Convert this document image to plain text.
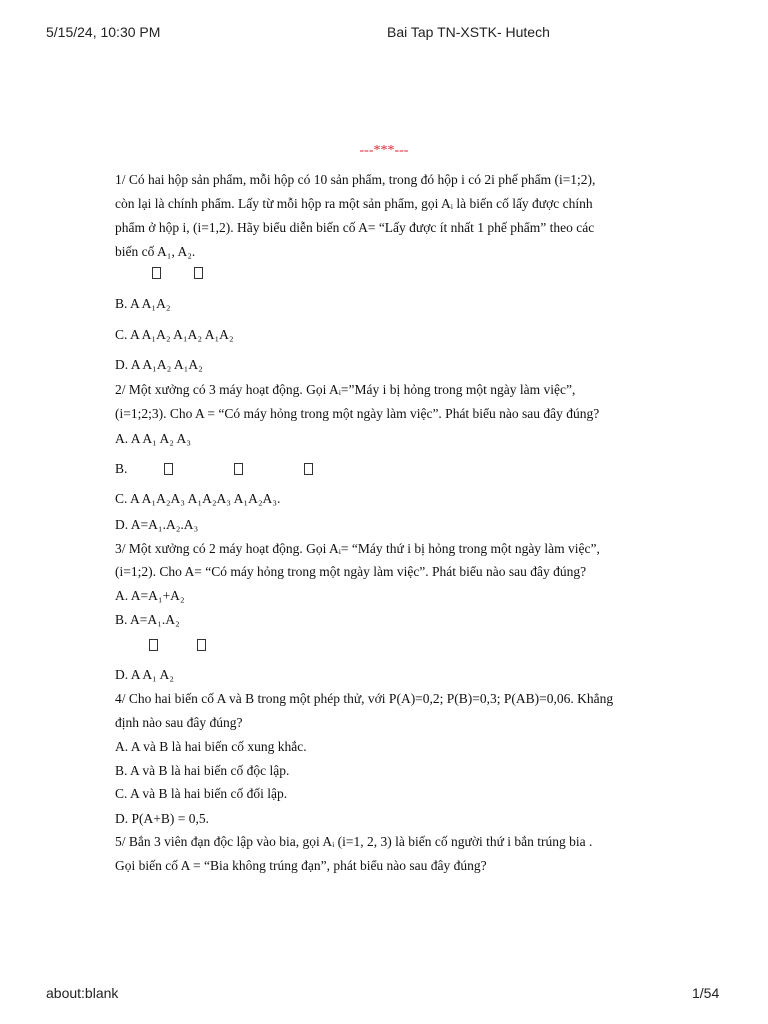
5/15/24, 10:30 PM	Bai Tap TN-XSTK- Hutech
---***---
1/ Có hai hộp sản phẩm, mỗi hộp có 10 sản phẩm, trong đó hộp i có 2i phế phẩm (i=1;2),
còn lại là chính phẩm. Lấy từ mỗi hộp ra một sản phẩm, gọi Aᵢ là biến cố lấy được chính
phẩm ở hộp i, (i=1,2). Hãy biểu diễn biến cố A= “Lấy được ít nhất 1 phế phẩm” theo các
biến cố A₁, A₂.

B. A A₁A₂
C. A A₁A₂ A₁A₂ A₁A₂
D. A A₁A₂ A₁A₂
2/ Một xưởng có 3 máy hoạt động. Gọi Aᵢ=”Máy i bị hỏng trong một ngày làm việc”,
(i=1;2;3). Cho A = “Có máy hỏng trong một ngày làm việc”. Phát biểu nào sau đây đúng?
A. A A₁ A₂ A₃
B.

C. A A₁A₂A₃ A₁A₂A₃ A₁A₂A₃.
D. A=A₁.A₂.A₃
3/ Một xưởng có 2 máy hoạt động. Gọi Aᵢ= “Máy thứ i bị hỏng trong một ngày làm việc”,
(i=1;2). Cho A= “Có máy hỏng trong một ngày làm việc”. Phát biểu nào sau đây đúng?
A. A=A₁+A₂
B. A=A₁.A₂

D. A A₁ A₂
4/ Cho hai biến cố A và B trong một phép thử, với P(A)=0,2; P(B)=0,3; P(AB)=0,06. Khẳng
định nào sau đây đúng?
A. A và B là hai biến cố xung khắc.
B. A và B là hai biến cố độc lập.
C. A và B là hai biến cố đối lập.
D. P(A+B) = 0,5.
5/ Bắn 3 viên đạn độc lập vào bia, gọi Aᵢ (i=1, 2, 3) là biến cố người thứ i bắn trúng bia .
Gọi biến cố A = “Bia không trúng đạn”, phát biểu nào sau đây đúng?
about:blank	1/54
